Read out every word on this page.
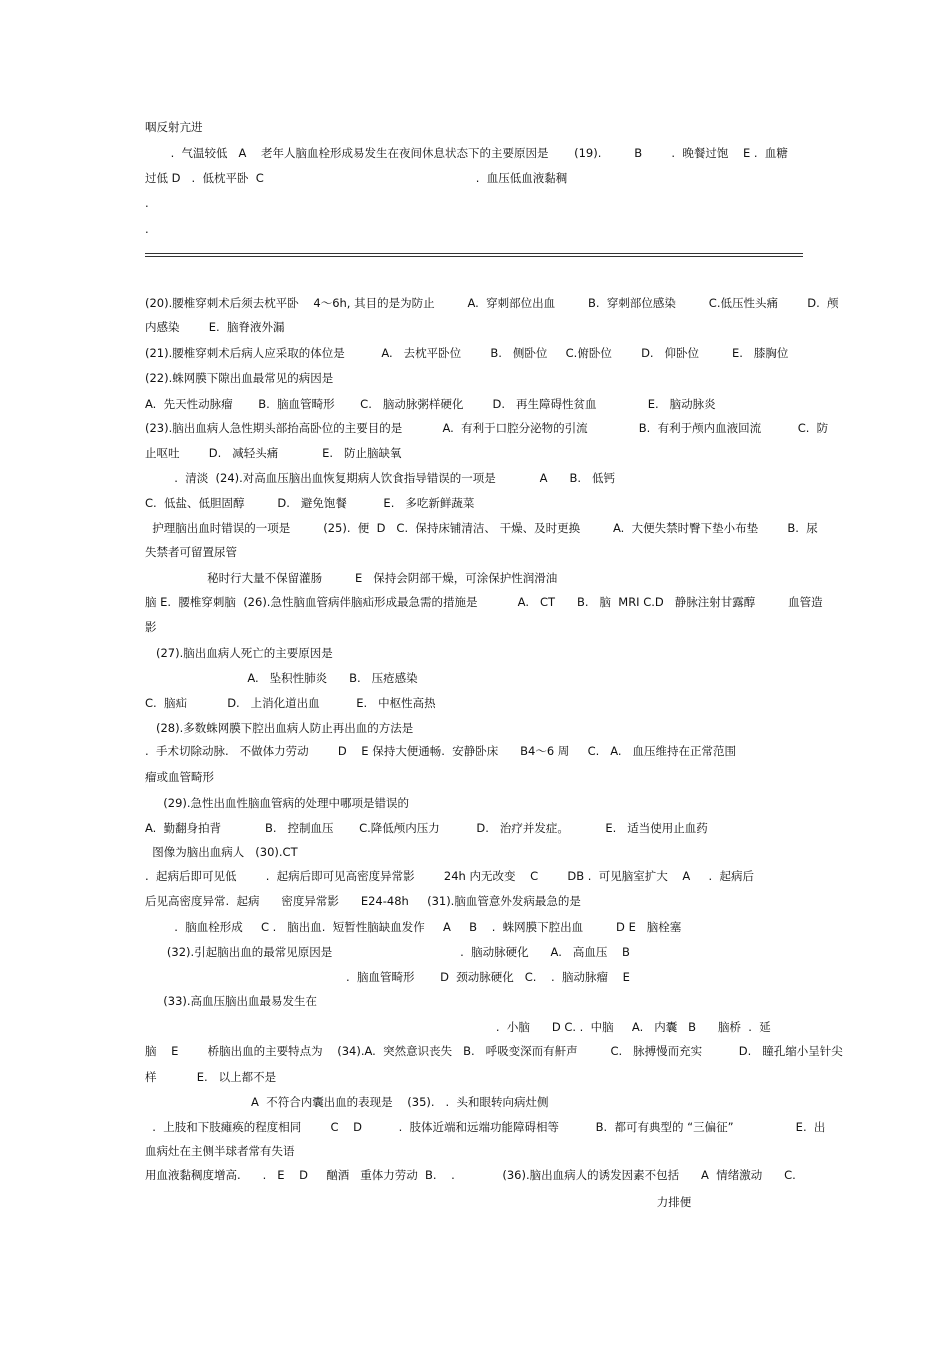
咽反射亢进
.  气温较低   A    老年人脑血栓形成易发生在夜间休息状态下的主要原因是       (19).         B        .  晚餐过饱    E .  血糖
过低 D   .  低枕平卧  C                                                          .  血压低血液黏稠
.
.
(20).腰椎穿刺术后须去枕平卧    4～6h, 其目的是为防止         A.  穿刺部位出血         B.  穿刺部位感染         C.低压性头痛        D.  颅
内感染        E.  脑脊液外漏
(21).腰椎穿刺术后病人应采取的体位是          A.   去枕平卧位        B.   侧卧位     C.俯卧位        D.   仰卧位         E.   膝胸位
(22).蛛网膜下隙出血最常见的病因是
A.  先天性动脉瘤       B.  脑血管畸形       C.   脑动脉粥样硬化        D.   再生障碍性贫血              E.   脑动脉炎
(23).脑出血病人急性期头部抬高卧位的主要目的是           A.  有利于口腔分泌物的引流              B.  有利于颅内血液回流          C.  防
止呕吐        D.   减轻头痛            E.   防止脑缺氧
.  清淡  (24).对高血压脑出血恢复期病人饮食指导错误的一项是            A      B.   低钙
C.  低盐、低胆固醇         D.   避免饱餐          E.   多吃新鲜蔬菜
护理脑出血时错误的一项是         (25).  便  D   C.  保持床铺清洁、 干燥、及时更换         A.  大便失禁时臀下垫小布垫        B.  尿
失禁者可留置尿管
秘时行大量不保留灌肠         E   保持会阴部干燥，可涂保护性润滑油
脑 E.  腰椎穿刺脑  (26).急性脑血管病伴脑疝形成最急需的措施是           A.   CT      B.   脑  MRI C.D   静脉注射甘露醇         血管造
影
(27).脑出血病人死亡的主要原因是
A.   坠积性肺炎      B.   压疮感染
C.  脑疝           D.   上消化道出血          E.   中枢性高热
(28).多数蛛网膜下腔出血病人防止再出血的方法是
.  手术切除动脉.   不做体力劳动        D    E 保持大便通畅.  安静卧床      B4～6 周     C.   A.   血压维持在正常范围
瘤或血管畸形
(29).急性出血性脑血管病的处理中哪项是错误的
A.  勤翻身拍背            B.   控制血压       C.降低颅内压力          D.   治疗并发症。          E.   适当使用止血药
图像为脑出血病人   (30).CT
.  起病后即可见低        .  起病后即可见高密度异常影        24h 内无改变    C        DB .  可见脑室扩大    A     .  起病后
后见高密度异常.  起病      密度异常影      E24-48h     (31).脑血管意外发病最急的是
.  脑血栓形成     C .   脑出血.  短暂性脑缺血发作     A     B    .  蛛网膜下腔出血         D E   脑栓塞
(32).引起脑出血的最常见原因是                                   .  脑动脉硬化      A.   高血压    B
.  脑血管畸形       D  颈动脉硬化   C.    .  脑动脉瘤    E
(33).高血压脑出血最易发生在
.  小脑      D C. .  中脑     A.   内囊   B      脑桥  .  延
脑    E        桥脑出血的主要特点为    (34).A.  突然意识丧失   B.   呼吸变深而有鼾声         C.   脉搏慢而充实          D.   瞳孔缩小呈针尖
样           E.   以上都不是
A  不符合内囊出血的表现是    (35).   .  头和眼转向病灶侧
.  上肢和下肢瘫痪的程度相同        C    D          .  肢体近端和远端功能障碍相等          B.  都可有典型的 “三偏征”                 E.  出
血病灶在主侧半球者常有失语
用血液黏稠度增高.      .   E    D     酗酒   重体力劳动  B.    .             (36).脑出血病人的诱发因素不包括      A  情绪激动      C.
力排便
